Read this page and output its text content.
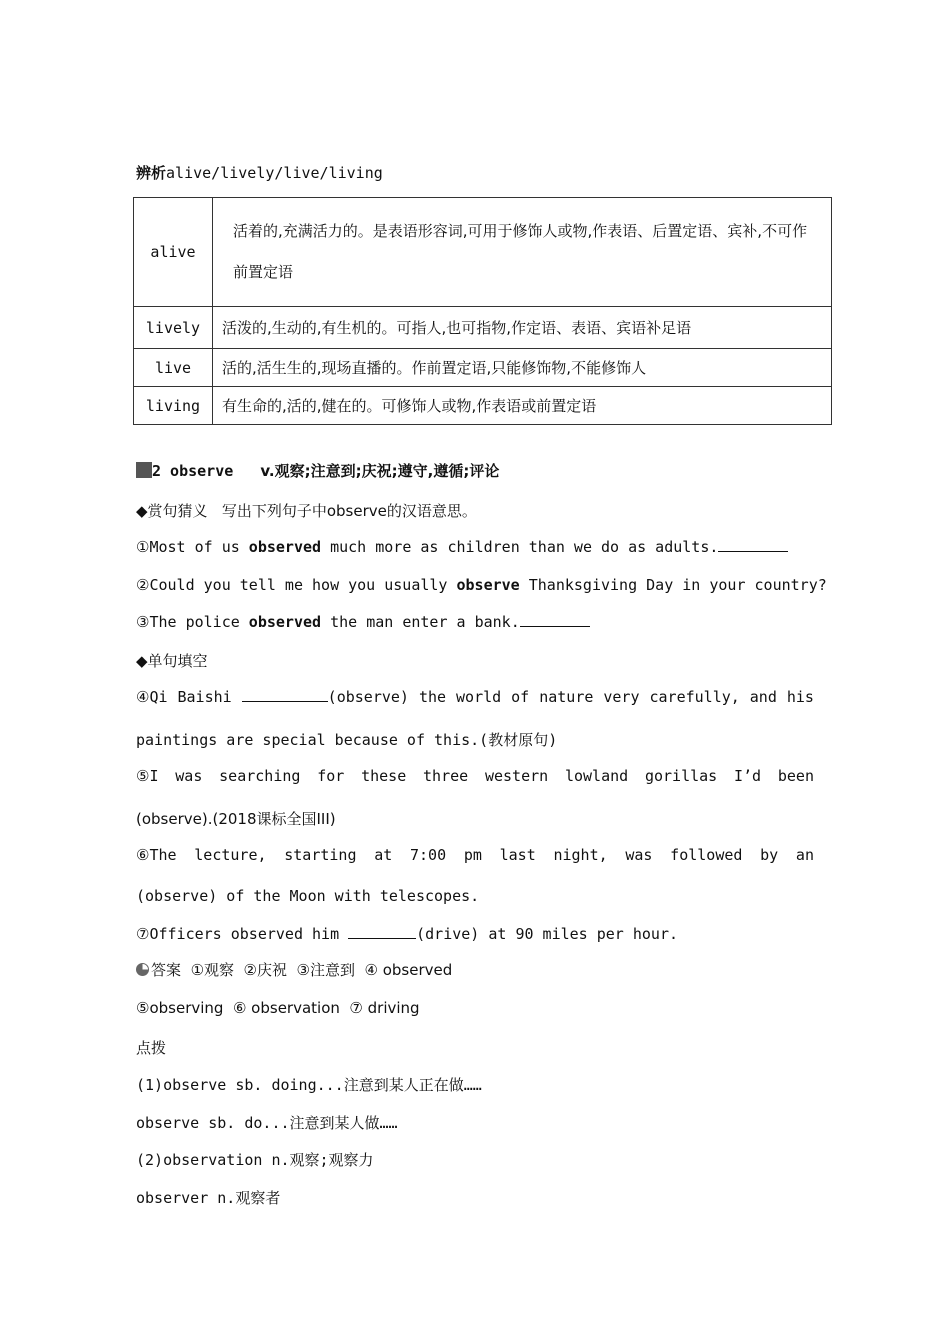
辨析alive/lively/live/living
alive	活着的,充满活力的。是表语形容词,可用于修饰人或物,作表语、后置定语、宾补,不可作前置定语
lively	活泼的,生动的,有生机的。可指人,也可指物,作定语、表语、宾语补足语
live	活的,活生生的,现场直播的。作前置定语,只能修饰物,不能修饰人
living	有生命的,活的,健在的。可修饰人或物,作表语或前置定语
2 observe v.观察;注意到;庆祝;遵守,遵循;评论
◆赏句猜义 写出下列句子中observe的汉语意思。
①Most of us observed much more as children than we do as adults.
②Could you tell me how you usually observe Thanksgiving Day in your country?
③The police observed the man enter a bank.
◆单句填空
④Qi Baishi	(observe) the world of nature very carefully, and his
paintings are special because of this.(教材原句)
⑤I was searching for these three western lowland gorillas I’d been
(observe).(2018课标全国III)
⑥The lecture, starting at 7:00 pm last night, was followed by an
(observe) of the Moon with telescopes.
⑦Officers observed him	(drive) at 90 miles per hour.
答案 ①观察  ②庆祝  ③注意到  ④ observed
⑤observing  ⑥ observation  ⑦ driving
点拨
(1)observe sb. doing...注意到某人正在做……
observe sb. do...注意到某人做……
(2)observation n.观察;观察力
observer n.观察者
